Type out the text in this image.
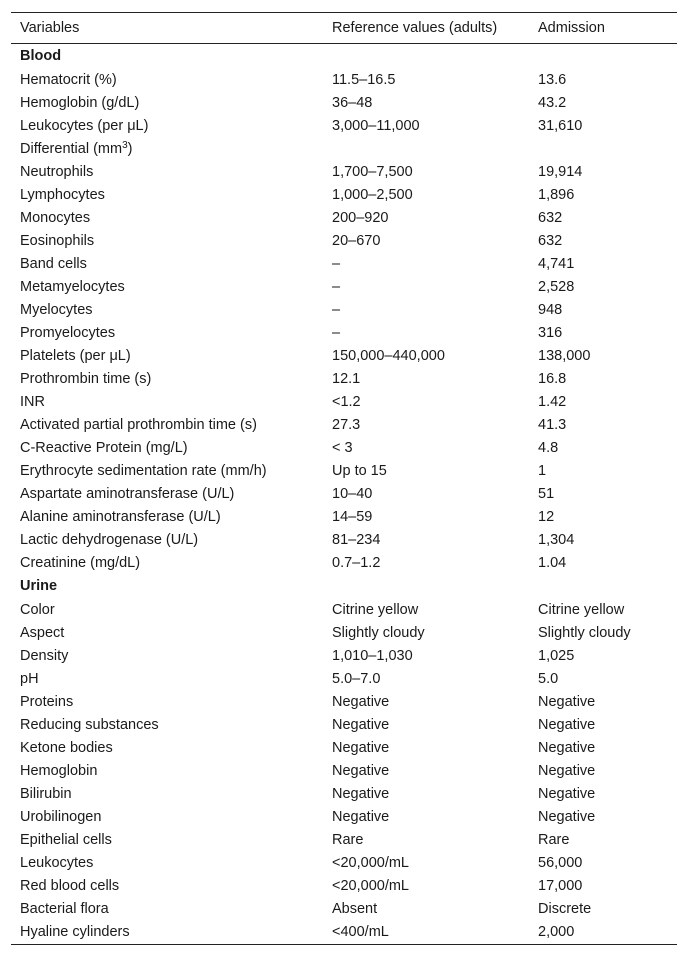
Variables	Reference values (adults)	Admission
Blood		
Hematocrit (%)	11.5–16.5	13.6
Hemoglobin (g/dL)	36–48	43.2
Leukocytes (per μL)	3,000–11,000	31,610
Differential $(mm^3)$		
Neutrophils	1,700–7,500	19,914
Lymphocytes	1,000–2,500	1,896
Monocytes	200–920	632
Eosinophils	20–670	632
Band cells	–	4,741
Metamyelocytes	–	2,528
Myelocytes	–	948
Promyelocytes	–	316
Platelets (per μL)	150,000–440,000	138,000
Prothrombin time (s)	12.1	16.8
INR	<1.2	1.42
Activated partial prothrombin time (s)	27.3	41.3
C-Reactive Protein (mg/L)	< 3	4.8
Erythrocyte sedimentation rate (mm/h)	Up to 15	1
Aspartate aminotransferase (U/L)	10–40	51
Alanine aminotransferase (U/L)	14–59	12
Lactic dehydrogenase (U/L)	81–234	1,304
Creatinine (mg/dL)	0.7–1.2	1.04
Urine		
Color	Citrine yellow	Citrine yellow
Aspect	Slightly cloudy	Slightly cloudy
Density	1,010–1,030	1,025
pH	5.0–7.0	5.0
Proteins	Negative	Negative
Reducing substances	Negative	Negative
Ketone bodies	Negative	Negative
Hemoglobin	Negative	Negative
Bilirubin	Negative	Negative
Urobilinogen	Negative	Negative
Epithelial cells	Rare	Rare
Leukocytes	<20,000/mL	56,000
Red blood cells	<20,000/mL	17,000
Bacterial flora	Absent	Discrete
Hyaline cylinders	<400/mL	2,000
